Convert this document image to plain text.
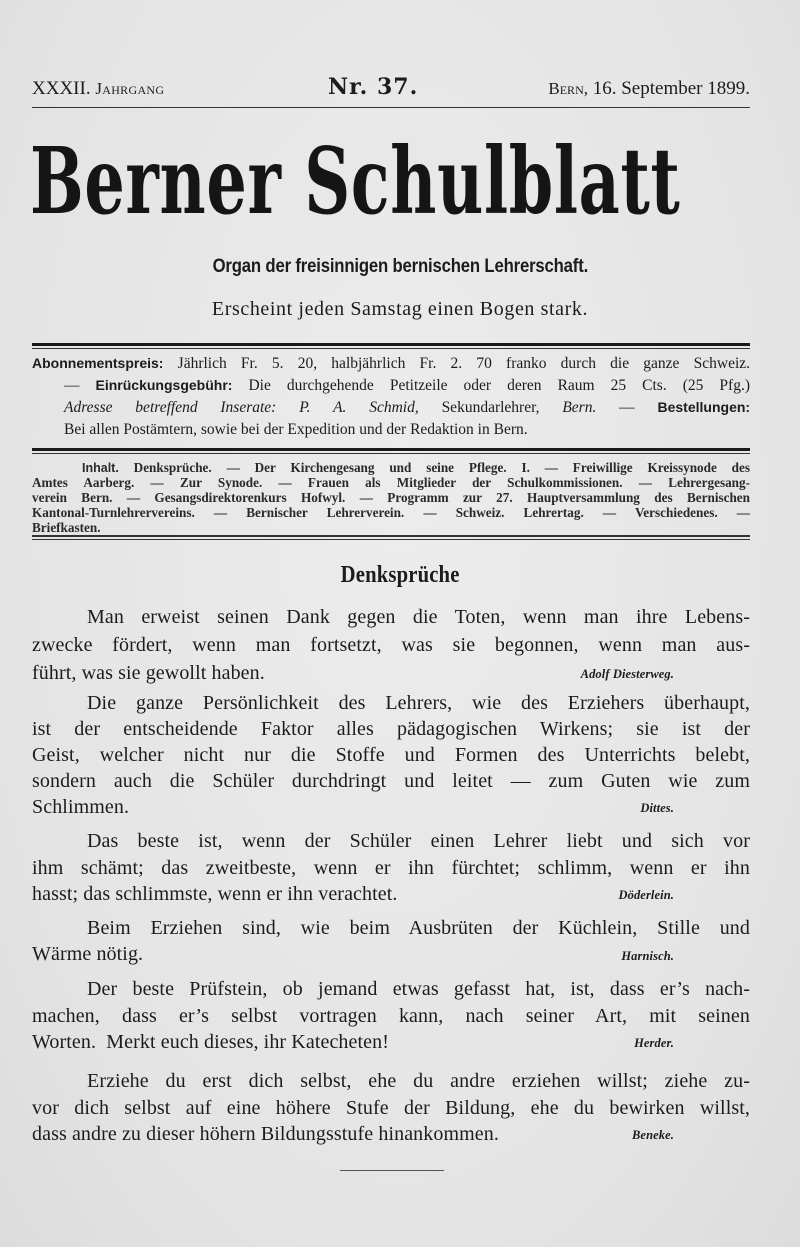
XXXII. Jahrgang	Nr. 37.	Bern, 16. September 1899.
Berner Schulblatt
Organ der freisinnigen bernischen Lehrerschaft.
Erscheint jeden Samstag einen Bogen stark.
Abonnementspreis: Jährlich Fr. 5. 20, halbjährlich Fr. 2. 70 franko durch die ganze Schweiz.
— Einrückungsgebühr: Die durchgehende Petitzeile oder deren Raum 25 Cts. (25 Pfg.)
Adresse betreffend Inserate: P. A. Schmid, Sekundarlehrer, Bern. — Bestellungen:
Bei allen Postämtern, sowie bei der Expedition und der Redaktion in Bern.
Inhalt. Denksprüche. — Der Kirchengesang und seine Pflege. I. — Freiwillige Kreissynode des
Amtes Aarberg. — Zur Synode. — Frauen als Mitglieder der Schulkommissionen. — Lehrergesang-
verein Bern. — Gesangsdirektorenkurs Hofwyl. — Programm zur 27. Hauptversammlung des Bernischen
Kantonal-Turnlehrervereins. — Bernischer Lehrerverein. — Schweiz. Lehrertag. — Verschiedenes. —
Briefkasten.
Denksprüche
Man erweist seinen Dank gegen die Toten, wenn man ihre Lebens-
zwecke fördert, wenn man fortsetzt, was sie begonnen, wenn man aus-
führt, was sie gewollt haben.	Adolf Diesterweg.
Die ganze Persönlichkeit des Lehrers, wie des Erziehers überhaupt,
ist der entscheidende Faktor alles pädagogischen Wirkens; sie ist der
Geist, welcher nicht nur die Stoffe und Formen des Unterrichts belebt,
sondern auch die Schüler durchdringt und leitet — zum Guten wie zum
Schlimmen.	Dittes.
Das beste ist, wenn der Schüler einen Lehrer liebt und sich vor
ihm schämt; das zweitbeste, wenn er ihn fürchtet; schlimm, wenn er ihn
hasst; das schlimmste, wenn er ihn verachtet.	Döderlein.
Beim Erziehen sind, wie beim Ausbrüten der Küchlein, Stille und
Wärme nötig.	Harnisch.
Der beste Prüfstein, ob jemand etwas gefasst hat, ist, dass er’s nach-
machen, dass er’s selbst vortragen kann, nach seiner Art, mit seinen
Worten.  Merkt euch dieses, ihr Katecheten!	Herder.
Erziehe du erst dich selbst, ehe du andre erziehen willst; ziehe zu-
vor dich selbst auf eine höhere Stufe der Bildung, ehe du bewirken willst,
dass andre zu dieser höhern Bildungsstufe hinankommen.	Beneke.
